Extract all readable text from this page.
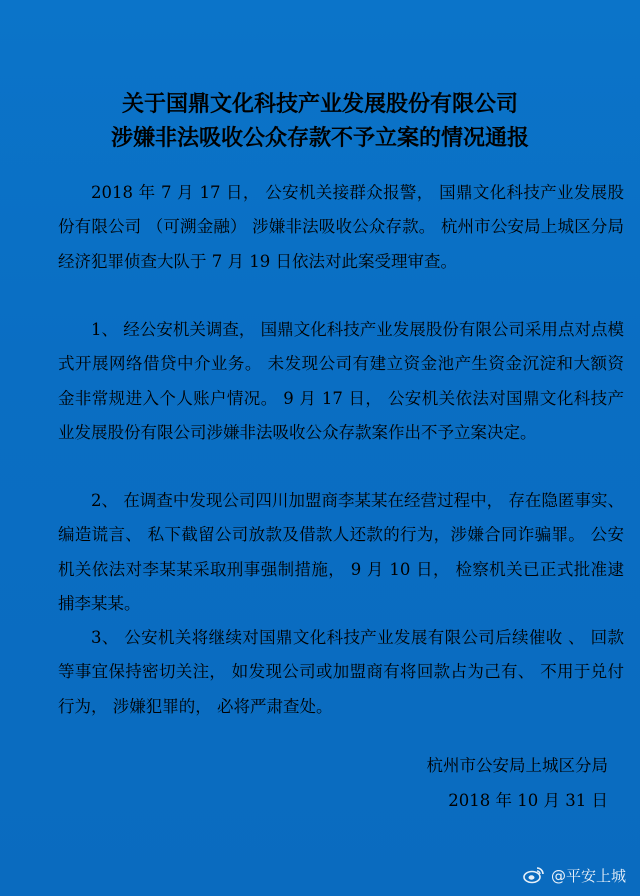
关于国鼎文化科技产业发展股份有限公司
涉嫌非法吸收公众存款不予立案的情况通报
2018 年 7 月 17 日， 公安机关接群众报警， 国鼎文化科技产业发展股份有限公司 （可溯金融） 涉嫌非法吸收公众存款。 杭州市公安局上城区分局经济犯罪侦查大队于 7 月 19 日依法对此案受理审查。
1、 经公安机关调查， 国鼎文化科技产业发展股份有限公司采用点对点模式开展网络借贷中介业务。 未发现公司有建立资金池产生资金沉淀和大额资金非常规进入个人账户情况。 9 月 17 日， 公安机关依法对国鼎文化科技产业发展股份有限公司涉嫌非法吸收公众存款案作出不予立案决定。
2、 在调查中发现公司四川加盟商李某某在经营过程中， 存在隐匿事实、 编造谎言、 私下截留公司放款及借款人还款的行为，涉嫌合同诈骗罪。 公安机关依法对李某某采取刑事强制措施， 9 月 10 日， 检察机关已正式批准逮捕李某某。
3、 公安机关将继续对国鼎文化科技产业发展有限公司后续催收 、 回款等事宜保持密切关注， 如发现公司或加盟商有将回款占为己有、 不用于兑付行为， 涉嫌犯罪的， 必将严肃查处。
杭州市公安局上城区分局
2018 年 10 月 31 日
@平安上城
